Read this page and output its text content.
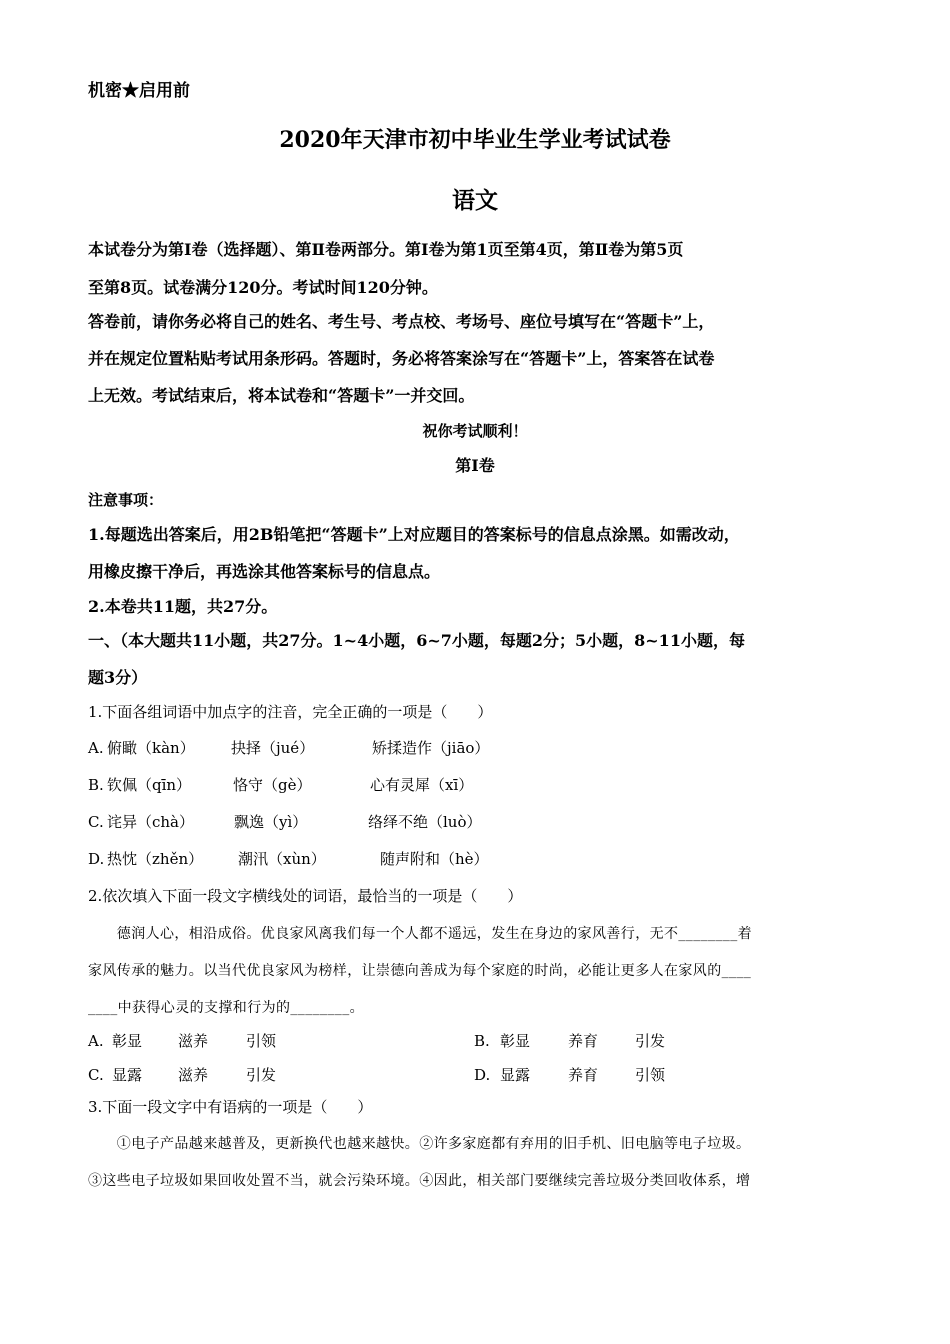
机密★启用前
2020年天津市初中毕业生学业考试试卷
语文
本试卷分为第Ⅰ卷（选择题）、第Ⅱ卷两部分。第Ⅰ卷为第1页至第4页，第Ⅱ卷为第5页
至第8页。试卷满分120分。考试时间120分钟。
答卷前，请你务必将自己的姓名、考生号、考点校、考场号、座位号填写在“答题卡”上，
并在规定位置粘贴考试用条形码。答题时，务必将答案涂写在“答题卡”上，答案答在试卷
上无效。考试结束后，将本试卷和“答题卡”一并交回。
祝你考试顺利！
第Ⅰ卷
注意事项：
1.每题选出答案后，用2B铅笔把“答题卡”上对应题目的答案标号的信息点涂黑。如需改动，
用橡皮擦干净后，再选涂其他答案标号的信息点。
2.本卷共11题，共27分。
一、（本大题共11小题，共27分。1~4小题，6~7小题，每题2分；5小题，8~11小题，每
题3分）
1.下面各组词语中加点字的注音，完全正确的一项是（　　）
A. 俯瞰（kàn） 抉择（jué）	矫揉造作（jiāo）
B. 钦佩（qīn）	恪守（gè）	心有灵犀（xī）
C. 诧异（chà）	飘逸（yì）	络绎不绝（luò）
D. 热忱（zhěn） 潮汛（xùn）	随声附和（hè）
2.依次填入下面一段文字横线处的词语，最恰当的一项是（　　）
　　德润人心，相沿成俗。优良家风离我们每一个人都不遥远，发生在身边的家风善行，无不________着
家风传承的魅力。以当代优良家风为榜样，让崇德向善成为每个家庭的时尚，必能让更多人在家风的____
____中获得心灵的支撑和行为的________。
A. 彰显 滋养	引领	B. 彰显	养育 引发
C. 显露 滋养	引发	D. 显露	养育 引领
3.下面一段文字中有语病的一项是（　　）
　　①电子产品越来越普及，更新换代也越来越快。②许多家庭都有弃用的旧手机、旧电脑等电子垃圾。
③这些电子垃圾如果回收处置不当，就会污染环境。④因此，相关部门要继续完善垃圾分类回收体系，增
